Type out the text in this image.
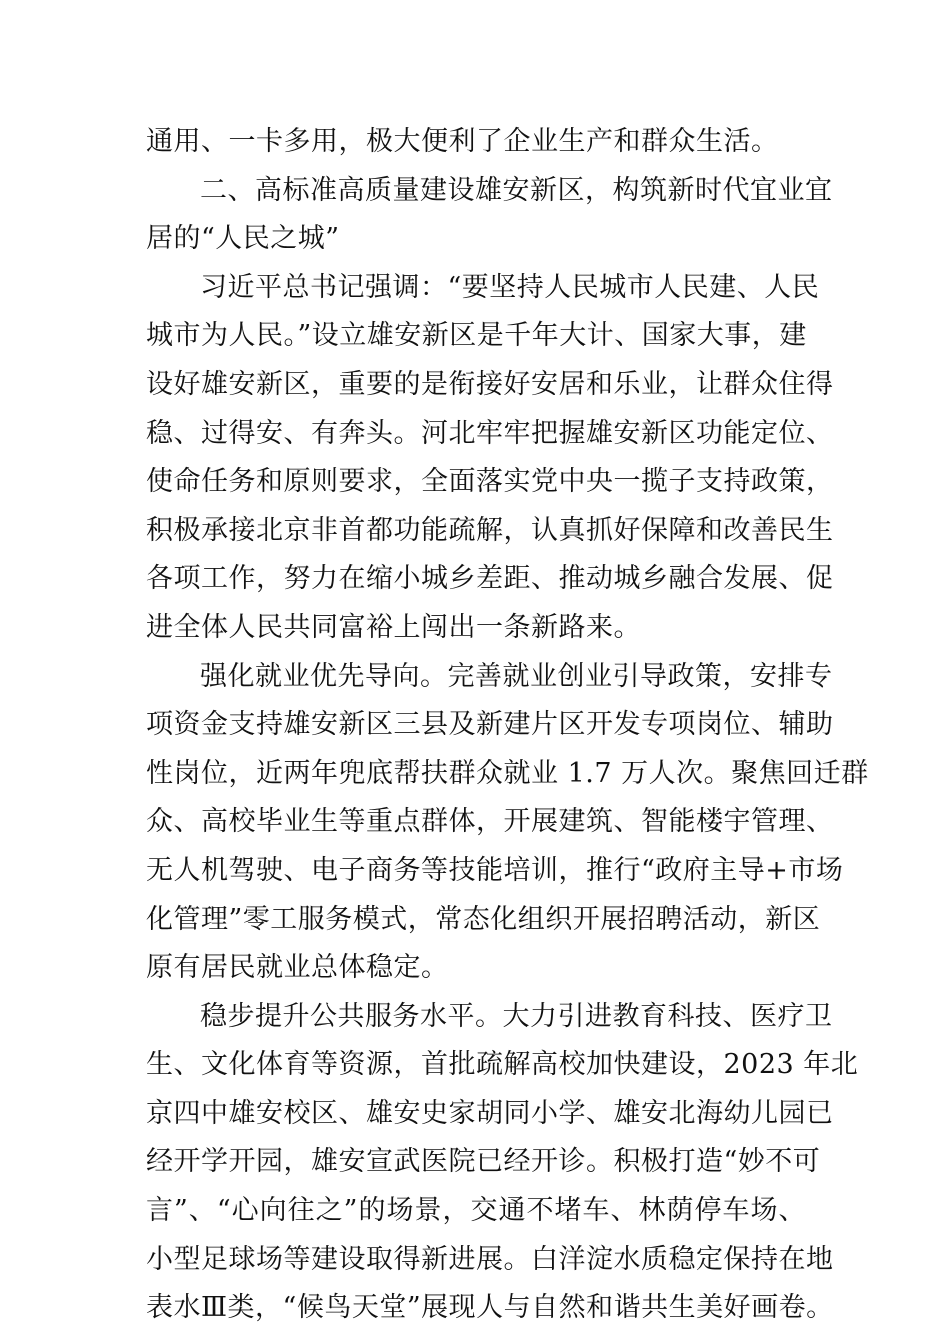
通用、一卡多用，极大便利了企业生产和群众生活。
二、高标准高质量建设雄安新区，构筑新时代宜业宜
居的“人民之城”
习近平总书记强调：“要坚持人民城市人民建、人民
城市为人民。”设立雄安新区是千年大计、国家大事，建
设好雄安新区，重要的是衔接好安居和乐业，让群众住得
稳、过得安、有奔头。河北牢牢把握雄安新区功能定位、
使命任务和原则要求，全面落实党中央一揽子支持政策，
积极承接北京非首都功能疏解，认真抓好保障和改善民生
各项工作，努力在缩小城乡差距、推动城乡融合发展、促
进全体人民共同富裕上闯出一条新路来。
强化就业优先导向。完善就业创业引导政策，安排专
项资金支持雄安新区三县及新建片区开发专项岗位、辅助
性岗位，近两年兜底帮扶群众就业 1.7 万人次。聚焦回迁群
众、高校毕业生等重点群体，开展建筑、智能楼宇管理、
无人机驾驶、电子商务等技能培训，推行“政府主导+市场
化管理”零工服务模式，常态化组织开展招聘活动，新区
原有居民就业总体稳定。
稳步提升公共服务水平。大力引进教育科技、医疗卫
生、文化体育等资源，首批疏解高校加快建设，2023 年北
京四中雄安校区、雄安史家胡同小学、雄安北海幼儿园已
经开学开园，雄安宣武医院已经开诊。积极打造“妙不可
言”、“心向往之”的场景，交通不堵车、林荫停车场、
小型足球场等建设取得新进展。白洋淀水质稳定保持在地
表水Ⅲ类，“候鸟天堂”展现人与自然和谐共生美好画卷。
